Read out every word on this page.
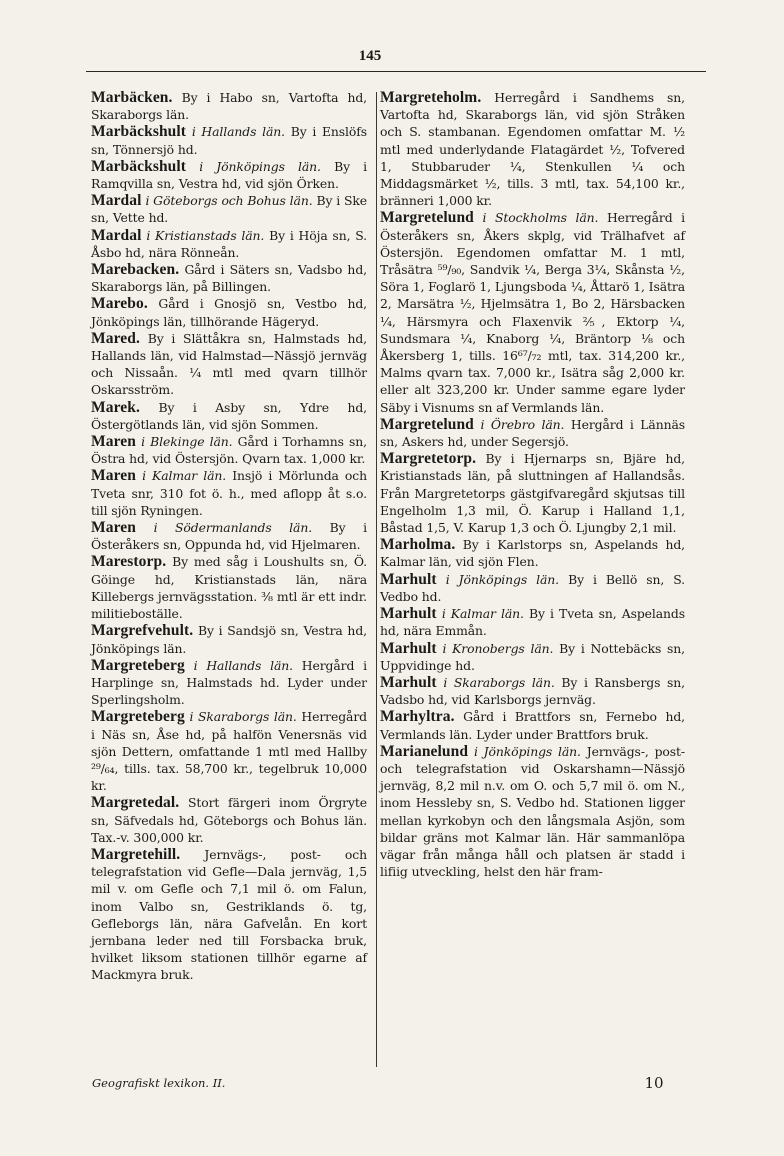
145

Marbäcken. By i Habo sn, Vartofta hd, Skaraborgs län.

Marbäckshult i Hallands län. By i Enslöfs sn, Tönnersjö hd.

Marbäckshult i Jönköpings län. By i Ramqvilla sn, Vestra hd, vid sjön Örken.

Mardal i Göteborgs och Bohus län. By i Ske sn, Vette hd.

Mardal i Kristianstads län. By i Höja sn, S. Åsbo hd, nära Rönneån.

Marebacken. Gård i Säters sn, Vadsbo hd, Skaraborgs län, på Billingen.

Marebo. Gård i Gnosjö sn, Vestbo hd, Jönköpings län, tillhörande Hägeryd.

Mared. By i Slättåkra sn, Halmstads hd, Hallands län, vid Halmstad—Nässjö jernväg och Nissaån. ¼ mtl med qvarn tillhör Oskarsström.

Marek. By i Asby sn, Ydre hd, Östergötlands län, vid sjön Sommen.

Maren i Blekinge län. Gård i Torhamns sn, Östra hd, vid Östersjön. Qvarn tax. 1,000 kr.

Maren i Kalmar län. Insjö i Mörlunda och Tveta snr, 310 fot ö. h., med aflopp åt s.o. till sjön Ryningen.

Maren i Södermanlands län. By i Österåkers sn, Oppunda hd, vid Hjelmaren.

Marestorp. By med såg i Loushults sn, Ö. Göinge hd, Kristianstads län, nära Killebergs jernvägsstation. ⅜ mtl är ett indr. militieboställe.

Margrefvehult. By i Sandsjö sn, Vestra hd, Jönköpings län.

Margreteberg i Hallands län. Hergård i Harplinge sn, Halmstads hd. Lyder under Sperlingsholm.

Margreteberg i Skaraborgs län. Herregård i Näs sn, Åse hd, på halfön Venersnäs vid sjön Dettern, omfattande 1 mtl med Hallby ²⁹/₆₄, tills. tax. 58,700 kr., tegelbruk 10,000 kr.

Margretedal. Stort färgeri inom Örgryte sn, Säfvedals hd, Göteborgs och Bohus län. Tax.-v. 300,000 kr.

Margretehill. Jernvägs-, post- och telegrafstation vid Gefle—Dala jernväg, 1,5 mil v. om Gefle och 7,1 mil ö. om Falun, inom Valbo sn, Gestriklands ö. tg, Gefleborgs län, nära Gafvelån. En kort jernbana leder ned till Forsbacka bruk, hvilket liksom stationen tillhör egarne af Mackmyra bruk.

Margreteholm. Herregård i Sandhems sn, Vartofta hd, Skaraborgs län, vid sjön Stråken och S. stambanan. Egendomen omfattar M. ½ mtl med underlydande Flatagärdet ½, Tofvered 1, Stubbaruder ¼, Stenkullen ¼ och Middagsmärket ½, tills. 3 mtl, tax. 54,100 kr., bränneri 1,000 kr.

Margretelund i Stockholms län. Herregård i Österåkers sn, Åkers skplg, vid Trälhafvet af Östersjön. Egendomen omfattar M. 1 mtl, Tråsätra ⁵⁹/₉₀, Sandvik ¼, Berga 3¼, Skånsta ½, Söra 1, Foglarö 1, Ljungsboda ¼, Åttarö 1, Isätra 2, Marsätra ½, Hjelmsätra 1, Bo 2, Härsbacken ¼, Härsmyra och Flaxenvik ⅖, Ektorp ¼, Sundsmara ¼, Knaborg ¼, Bräntorp ⅛ och Åkersberg 1, tills. 16⁶⁷/₇₂ mtl, tax. 314,200 kr., Malms qvarn tax. 7,000 kr., Isätra såg 2,000 kr. eller alt 323,200 kr. Under samme egare lyder Säby i Visnums sn af Vermlands län.

Margretelund i Örebro län. Hergård i Lännäs sn, Askers hd, under Segersjö.

Margretetorp. By i Hjernarps sn, Bjäre hd, Kristianstads län, på sluttningen af Hallandsås. Från Margretetorps gästgifvaregård skjutsas till Engelholm 1,3 mil, Ö. Karup i Halland 1,1, Båstad 1,5, V. Karup 1,3 och Ö. Ljungby 2,1 mil.

Marholma. By i Karlstorps sn, Aspelands hd, Kalmar län, vid sjön Flen.

Marhult i Jönköpings län. By i Bellö sn, S. Vedbo hd.

Marhult i Kalmar län. By i Tveta sn, Aspelands hd, nära Emmån.

Marhult i Kronobergs län. By i Nottebäcks sn, Uppvidinge hd.

Marhult i Skaraborgs län. By i Ransbergs sn, Vadsbo hd, vid Karlsborgs jernväg.

Marhyltra. Gård i Brattfors sn, Fernebo hd, Vermlands län. Lyder under Brattfors bruk.

Marianelund i Jönköpings län. Jernvägs-, post- och telegrafstation vid Oskarshamn—Nässjö jernväg, 8,2 mil n.v. om O. och 5,7 mil ö. om N., inom Hessleby sn, S. Vedbo hd. Stationen ligger mellan kyrkobyn och den långsmala Asjön, som bildar gräns mot Kalmar län. Här sammanlöpa vägar från många håll och platsen är stadd i lifiig utveckling, helst den här fram-

Geografiskt lexikon. II.	10
